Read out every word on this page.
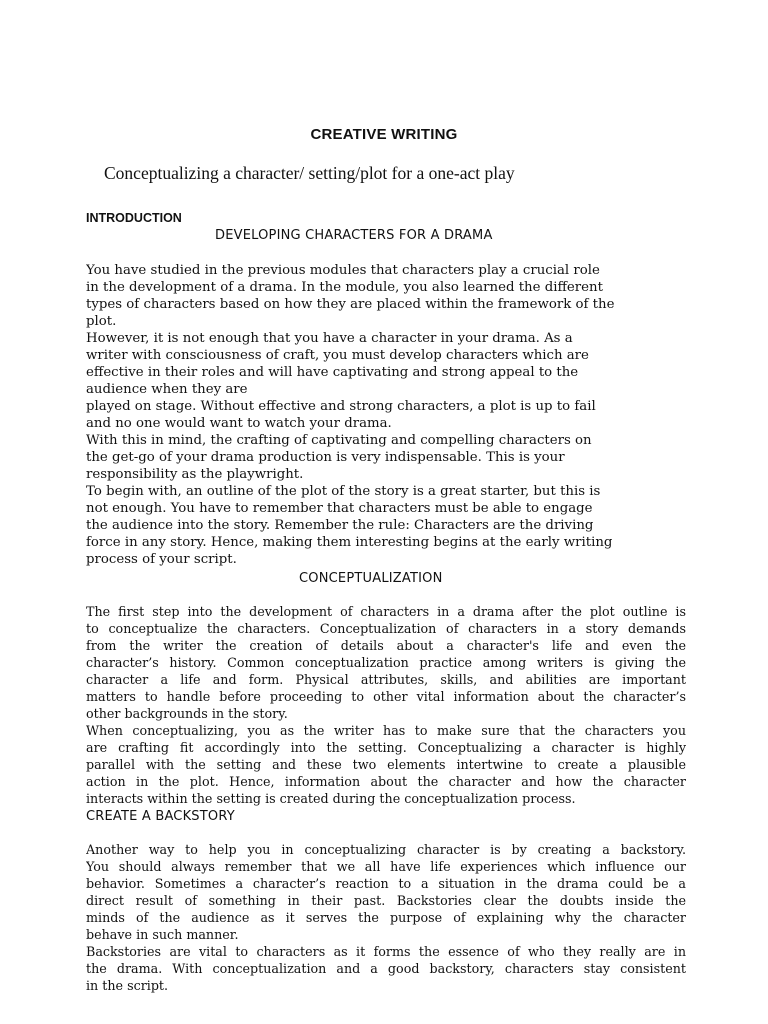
CREATIVE WRITING
Conceptualizing a character/ setting/plot for a one-act play
INTRODUCTION
DEVELOPING CHARACTERS FOR A DRAMA
You have studied in the previous modules that characters play a crucial role
in the development of a drama. In the module, you also learned the different
types of characters based on how they are placed within the framework of the
plot.
However, it is not enough that you have a character in your drama. As a
writer with consciousness of craft, you must develop characters which are
effective in their roles and will have captivating and strong appeal to the
audience when they are
played on stage. Without effective and strong characters, a plot is up to fail
and no one would want to watch your drama.
With this in mind, the crafting of captivating and compelling characters on
the get-go of your drama production is very indispensable. This is your
responsibility as the playwright.
To begin with, an outline of the plot of the story is a great starter, but this is
not enough. You have to remember that characters must be able to engage
the audience into the story. Remember the rule: Characters are the driving
force in any story. Hence, making them interesting begins at the early writing
process of your script.
CONCEPTUALIZATION
The first step into the development of characters in a drama after the plot outline is
to conceptualize the characters. Conceptualization of characters in a story demands
from the writer the creation of details about a character's life and even the
character’s history. Common conceptualization practice among writers is giving the
character a life and form. Physical attributes, skills, and abilities are important
matters to handle before proceeding to other vital information about the character’s
other backgrounds in the story.
When conceptualizing, you as the writer has to make sure that the characters you
are crafting fit accordingly into the setting. Conceptualizing a character is highly
parallel with the setting and these two elements intertwine to create a plausible
action in the plot. Hence, information about the character and how the character
interacts within the setting is created during the conceptualization process.
CREATE A BACKSTORY
Another way to help you in conceptualizing character is by creating a backstory.
You should always remember that we all have life experiences which influence our
behavior. Sometimes a character’s reaction to a situation in the drama could be a
direct result of something in their past. Backstories clear the doubts inside the
minds of the audience as it serves the purpose of explaining why the character
behave in such manner.
Backstories are vital to characters as it forms the essence of who they really are in
the drama. With conceptualization and a good backstory, characters stay consistent
in the script.
